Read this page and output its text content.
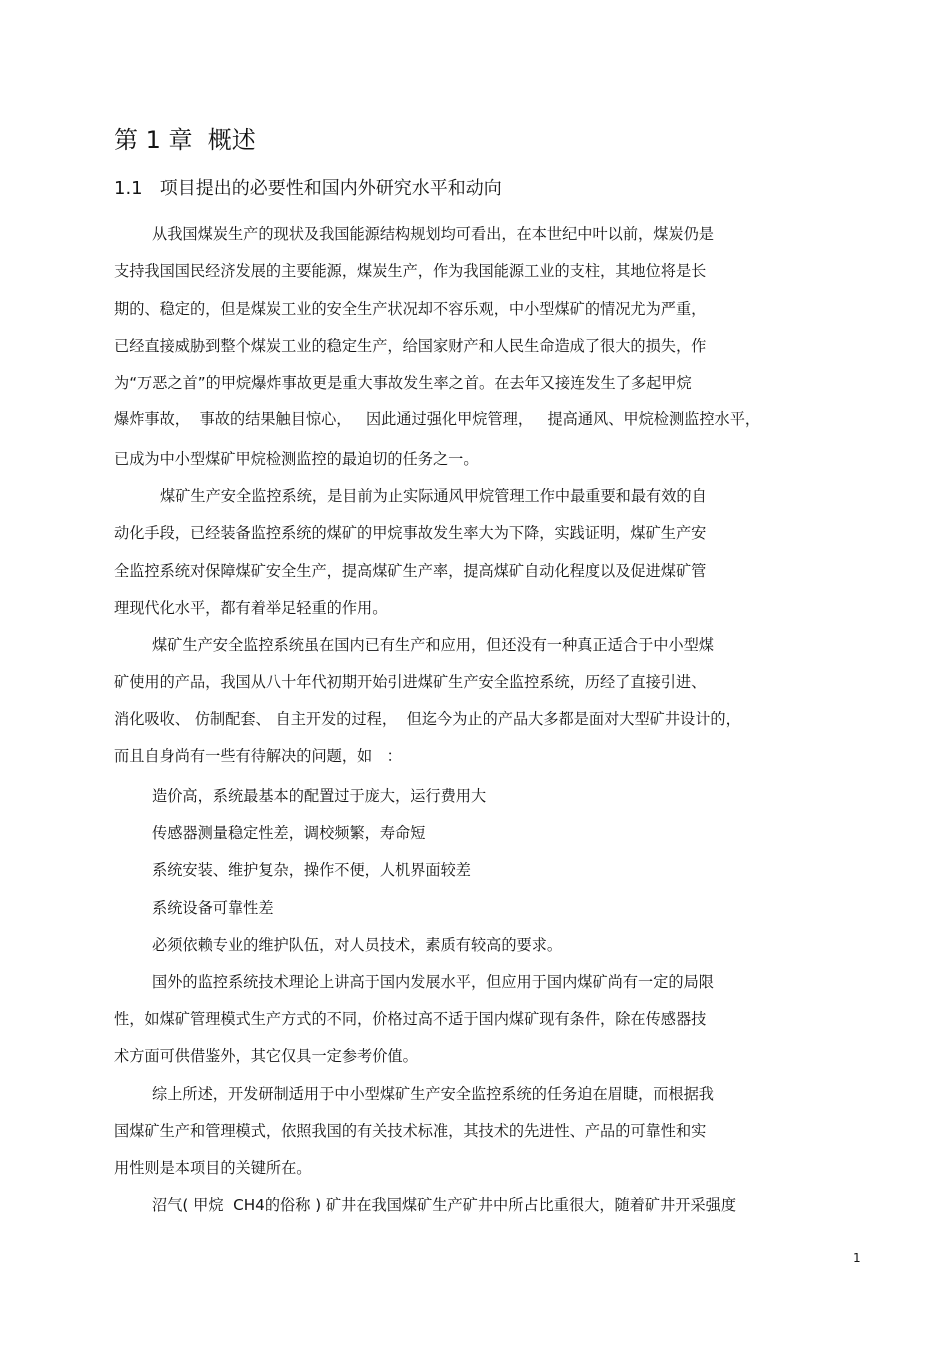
第 1 章  概述
1.1   项目提出的必要性和国内外研究水平和动向

从我国煤炭生产的现状及我国能源结构规划均可看出，在本世纪中叶以前，煤炭仍是

支持我国国民经济发展的主要能源，煤炭生产，作为我国能源工业的支柱，其地位将是长

期的、稳定的，但是煤炭工业的安全生产状况却不容乐观，中小型煤矿的情况尤为严重，

已经直接威胁到整个煤炭工业的稳定生产，给国家财产和人民生命造成了很大的损失，作

为“万恶之首”的甲烷爆炸事故更是重大事故发生率之首。在去年又接连发生了多起甲烷

爆炸事故，  事故的结果触目惊心，   因此通过强化甲烷管理，   提高通风、甲烷检测监控水平，

已成为中小型煤矿甲烷检测监控的最迫切的任务之一。

煤矿生产安全监控系统，是目前为止实际通风甲烷管理工作中最重要和最有效的自

动化手段，已经装备监控系统的煤矿的甲烷事故发生率大为下降，实践证明，煤矿生产安

全监控系统对保障煤矿安全生产，提高煤矿生产率，提高煤矿自动化程度以及促进煤矿管

理现代化水平，都有着举足轻重的作用。

煤矿生产安全监控系统虽在国内已有生产和应用，但还没有一种真正适合于中小型煤

矿使用的产品，我国从八十年代初期开始引进煤矿生产安全监控系统，历经了直接引进、

消化吸收、 仿制配套、 自主开发的过程，  但迄今为止的产品大多都是面对大型矿井设计的，

而且自身尚有一些有待解决的问题，如   ：

造价高，系统最基本的配置过于庞大，运行费用大

传感器测量稳定性差，调校频繁，寿命短

系统安装、维护复杂，操作不便，人机界面较差

系统设备可靠性差

必须依赖专业的维护队伍，对人员技术，素质有较高的要求。

国外的监控系统技术理论上讲高于国内发展水平，但应用于国内煤矿尚有一定的局限

性，如煤矿管理模式生产方式的不同，价格过高不适于国内煤矿现有条件，除在传感器技

术方面可供借鉴外，其它仅具一定参考价值。

综上所述，开发研制适用于中小型煤矿生产安全监控系统的任务迫在眉睫，而根据我

国煤矿生产和管理模式，依照我国的有关技术标准，其技术的先进性、产品的可靠性和实

用性则是本项目的关键所在。

沼气( 甲烷  CH4的俗称 ) 矿井在我国煤矿生产矿井中所占比重很大，随着矿井开采强度

1
